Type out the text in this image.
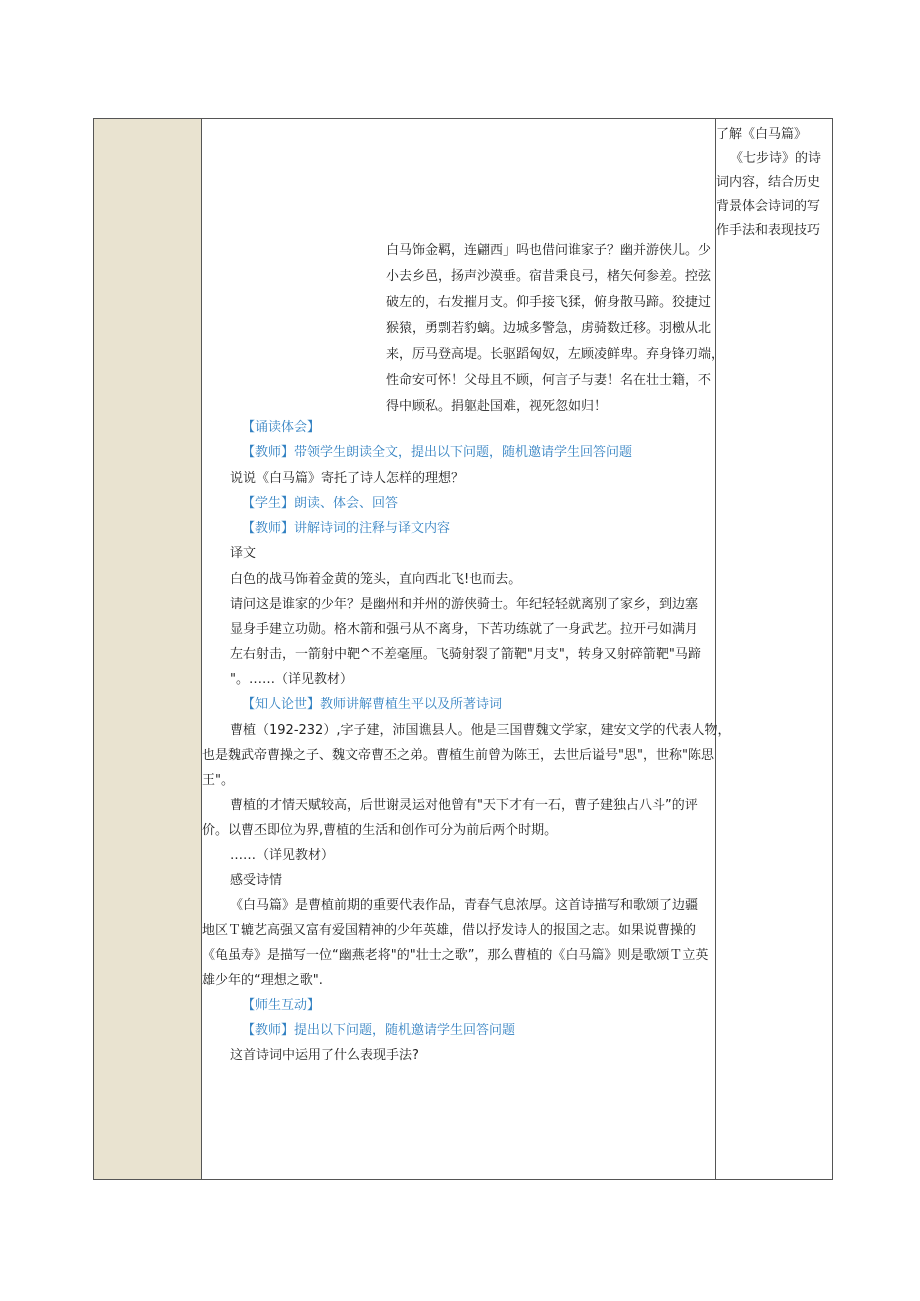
白马饰金羁，连翩西」吗也借问谁家子？幽并游侠儿。少
小去乡邑，扬声沙漠垂。宿昔秉良弓，楮矢何参差。控弦
破左的，右发摧月支。仰手接飞猱，俯身散马蹄。狡捷过
猴猿，勇剽若豹螭。边城多警急，虏骑数迁移。羽檄从北
来，厉马登高堤。长驱蹈匈奴，左顾凌鲜卑。弃身锋刃端，
性命安可怀！父母且不顾，何言子与妻！名在壮士籍，不
得中顾私。捐躯赴国难，视死忽如归！
【诵读体会】
【教师】带领学生朗读全文，提出以下问题，随机邀请学生回答问题
说说《白马篇》寄托了诗人怎样的理想？
【学生】朗读、体会、回答
【教师】讲解诗词的注释与译文内容
译文
白色的战马饰着金黄的笼头，直向西北飞!也而去。
请问这是谁家的少年？是幽州和并州的游侠骑士。年纪轻轻就离别了家乡，到边塞
显身手建立功勋。格木箭和强弓从不离身，下苦功练就了一身武艺。拉开弓如满月
左右射击，一箭射中靶^不差毫厘。飞骑射裂了箭靶"月支"，转身又射碎箭靶"马蹄
"。……（详见教材）
【知人论世】教师讲解曹植生平以及所著诗词
曹植（192-232）,字子建，沛国谯县人。他是三国曹魏文学家，建安文学的代表人物，
也是魏武帝曹操之子、魏文帝曹丕之弟。曹植生前曾为陈王，去世后谥号"思"，世称"陈思
王"。
曹植的才情天赋较高，后世谢灵运对他曾有"天下才有一石，曹子建独占八斗”的评
价。以曹丕即位为界,曹植的生活和创作可分为前后两个时期。
……（详见教材）
感受诗情
《白马篇》是曹植前期的重要代表作品，青春气息浓厚。这首诗描写和歌颂了边疆
地区Ｔ辘艺高强又富有爱国精神的少年英雄，借以抒发诗人的报国之志。如果说曹操的
《龟虽寿》是描写一位“幽燕老将"的"壮士之歌”，那么曹植的《白马篇》则是歌颂Ｔ立英
雄少年的“理想之歌".
【师生互动】
【教师】提出以下问题，随机邀请学生回答问题
这首诗词中运用了什么表现手法?
了解《白马篇》
《七步诗》的诗
词内容，结合历史
背景体会诗词的写
作手法和表现技巧
